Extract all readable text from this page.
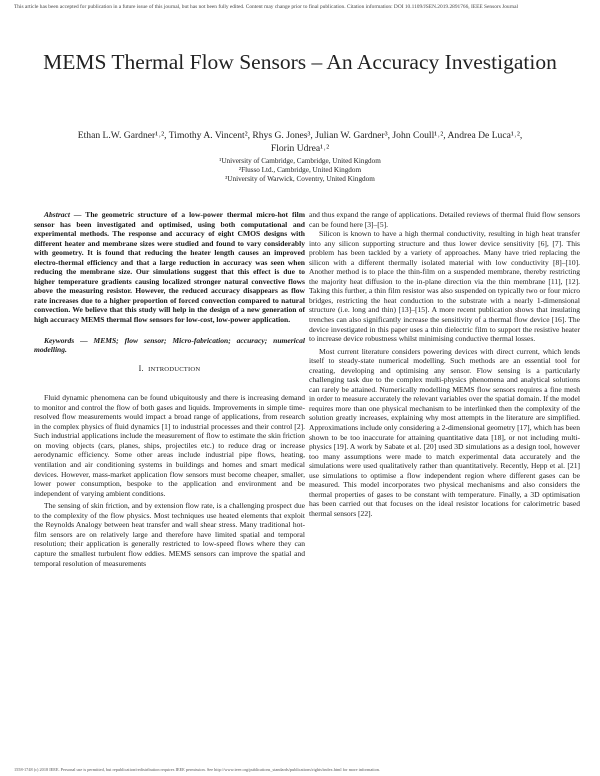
This article has been accepted for publication in a future issue of this journal, but has not been fully edited. Content may change prior to final publication. Citation information: DOI 10.1109/JSEN.2019.2891766, IEEE Sensors Journal
MEMS Thermal Flow Sensors ‒ An Accuracy Investigation
Ethan L.W. Gardner¹˒², Timothy A. Vincent², Rhys G. Jones³, Julian W. Gardner³, John Coull¹˒², Andrea De Luca¹˒²,
Florin Udrea¹˒²
¹University of Cambridge, Cambridge, United Kingdom
²Flusso Ltd., Cambridge, United Kingdom
³University of Warwick, Coventry, United Kingdom

Abstract — The geometric structure of a low-power thermal micro-hot film sensor has been investigated and optimised, using both computational and experimental methods. The response and accuracy of eight CMOS designs with different heater and membrane sizes were studied and found to vary considerably with geometry. It is found that reducing the heater length causes an improved electro-thermal efficiency and that a large reduction in accuracy was seen when reducing the membrane size. Our simulations suggest that this effect is due to higher temperature gradients causing localized stronger natural convective flows above the measuring resistor. However, the reduced accuracy disappears as flow rate increases due to a higher proportion of forced convection compared to natural convection. We believe that this study will help in the design of a new generation of high accuracy MEMS thermal flow sensors for low-cost, low-power application.

Keywords — MEMS; flow sensor; Micro-fabrication; accuracy; numerical modelling.

I. INTRODUCTION

Fluid dynamic phenomena can be found ubiquitously and there is increasing demand to monitor and control the flow of both gases and liquids. Improvements in simple time-resolved flow measurements would impact a broad range of applications, from research in the complex physics of fluid dynamics [1] to industrial processes and their control [2]. Such industrial applications include the measurement of flow to estimate the skin friction on moving objects (cars, planes, ships, projectiles etc.) to reduce drag or increase aerodynamic efficiency. Some other areas include industrial pipe flows, heating, ventilation and air conditioning systems in buildings and homes and smart medical devices. However, mass-market application flow sensors must become cheaper, smaller, lower power consumption, bespoke to the application and environment and be independent of varying ambient conditions.

The sensing of skin friction, and by extension flow rate, is a challenging prospect due to the complexity of the flow physics. Most techniques use heated elements that exploit the Reynolds Analogy between heat transfer and wall shear stress. Many traditional hot-film sensors are on relatively large and therefore have limited spatial and temporal resolution; their application is generally restricted to low-speed flows where they can capture the smallest turbulent flow eddies. MEMS sensors can improve the spatial and temporal resolution of measurements

and thus expand the range of applications. Detailed reviews of thermal fluid flow sensors can be found here [3]–[5].

Silicon is known to have a high thermal conductivity, resulting in high heat transfer into any silicon supporting structure and thus lower device sensitivity [6], [7]. This problem has been tackled by a variety of approaches. Many have tried replacing the silicon with a different thermally isolated material with low conductivity [8]–[10]. Another method is to place the thin-film on a suspended membrane, thereby restricting the majority heat diffusion to the in-plane direction via the thin membrane [11], [12]. Taking this further, a thin film resistor was also suspended on typically two or four micro bridges, restricting the heat conduction to the substrate with a nearly 1-dimensional structure (i.e. long and thin) [13]–[15]. A more recent publication shows that insulating trenches can also significantly increase the sensitivity of a thermal flow device [16]. The device investigated in this paper uses a thin dielectric film to support the resistive heater to increase device robustness whilst minimising conductive thermal losses.

Most current literature considers powering devices with direct current, which lends itself to steady-state numerical modelling. Such methods are an essential tool for creating, developing and optimising any sensor. Flow sensing is a particularly challenging task due to the complex multi-physics phenomena and analytical solutions can rarely be attained. Numerically modelling MEMS flow sensors requires a fine mesh in order to measure accurately the relevant variables over the spatial domain. If the model requires more than one physical mechanism to be interlinked then the complexity of the solution greatly increases, explaining why most attempts in the literature are simplified. Approximations include only considering a 2-dimensional geometry [17], which has been shown to be too inaccurate for attaining quantitative data [18], or not including multi-physics [19]. A work by Sabate et al. [20] used 3D simulations as a design tool, however too many assumptions were made to match experimental data accurately and the simulations were used qualitatively rather than quantitatively. Recently, Hepp et al. [21] use simulations to optimise a flow independent region where different gases can be measured. This model incorporates two physical mechanisms and also considers the thermal properties of gases to be constant with temperature. Finally, a 3D optimisation has been carried out that focuses on the ideal resistor locations for calorimetric based thermal sensors [22].

1558-1748 (c) 2018 IEEE. Personal use is permitted, but republication/redistribution requires IEEE permission. See http://www.ieee.org/publications_standards/publications/rights/index.html for more information.
